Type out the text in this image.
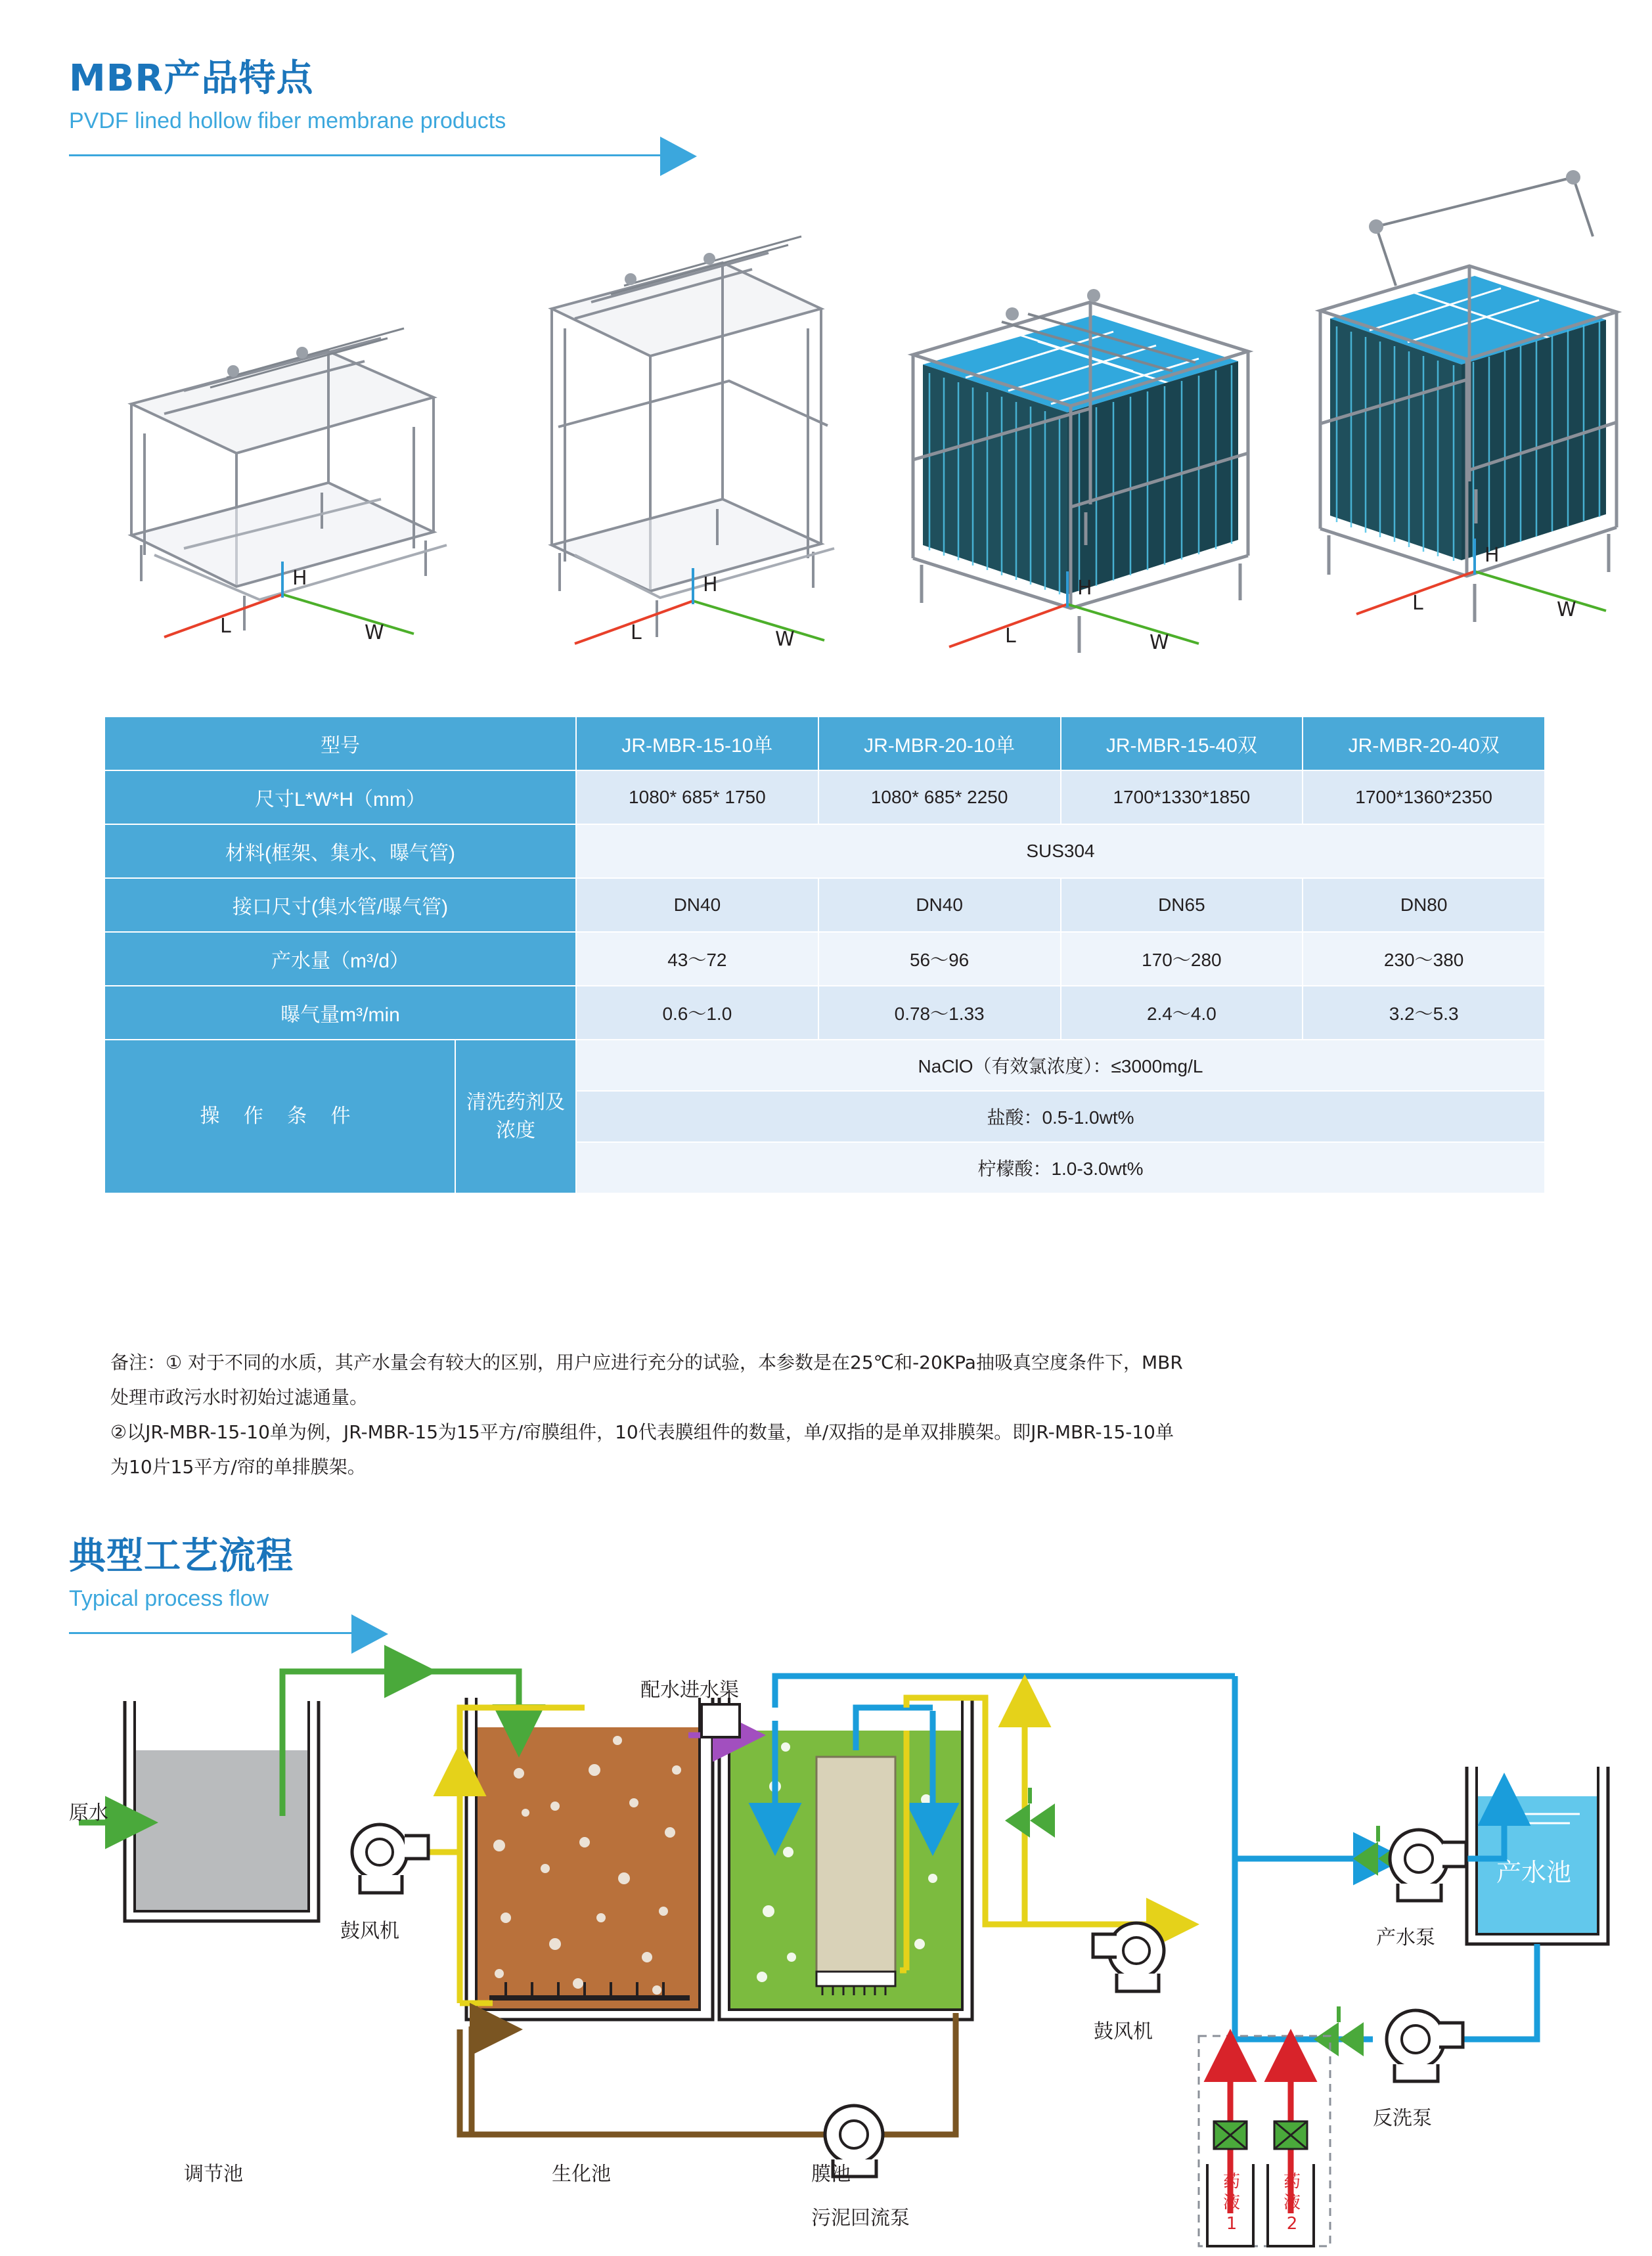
MBR产品特点
PVDF lined hollow fiber membrane products
L	W
H
L	W
H
L	W
H
L	W
H
型号		JR-MBR-15-10单	JR-MBR-20-10单	JR-MBR-15-40双	JR-MBR-20-40双
尺寸L*W*H（mm）		1080* 685* 1750	1080* 685* 2250	1700*1330*1850	1700*1360*2350
材料(框架、集水、曝气管)		SUS304			
接口尺寸(集水管/曝气管)		DN40	DN40	DN65	DN80
产水量（m³/d）		43～72	56～96	170～280	230～380
曝气量m³/min		0.6～1.0	0.78～1.33	2.4～4.0	3.2～5.3
操 作 条 件	清洗药剂及浓度	NaClO（有效氯浓度）：≤3000mg/L			
		盐酸：0.5-1.0wt%			
		柠檬酸：1.0-3.0wt%			

备注：① 对于不同的水质，其产水量会有较大的区别，用户应进行充分的试验，本参数是在25℃和-20KPa抽吸真空度条件下，MBR

处理市政污水时初始过滤通量。

②以JR-MBR-15-10单为例，JR-MBR-15为15平方/帘膜组件，10代表膜组件的数量，单/双指的是单双排膜架。即JR-MBR-15-10单

为10片15平方/帘的单排膜架。

典型工艺流程
Typical process flow
原水
配水进水渠
鼓风机
鼓风机
调节池	生化池	膜池
产水泵
反洗泵
产水池
污泥回流泵
药
液
1
药
液
2
